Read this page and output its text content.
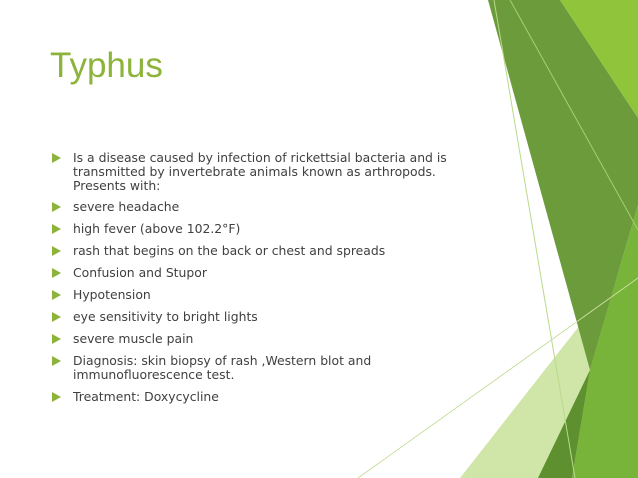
Typhus
Is a disease caused by infection of rickettsial bacteria and is transmitted by invertebrate animals known as arthropods. Presents with:
severe headache
high fever (above 102.2°F)
rash that begins on the back or chest and spreads
Confusion and Stupor
Hypotension
eye sensitivity to bright lights
severe muscle pain
Diagnosis: skin biopsy of rash ,Western blot and immunofluorescence test.
Treatment: Doxycycline
